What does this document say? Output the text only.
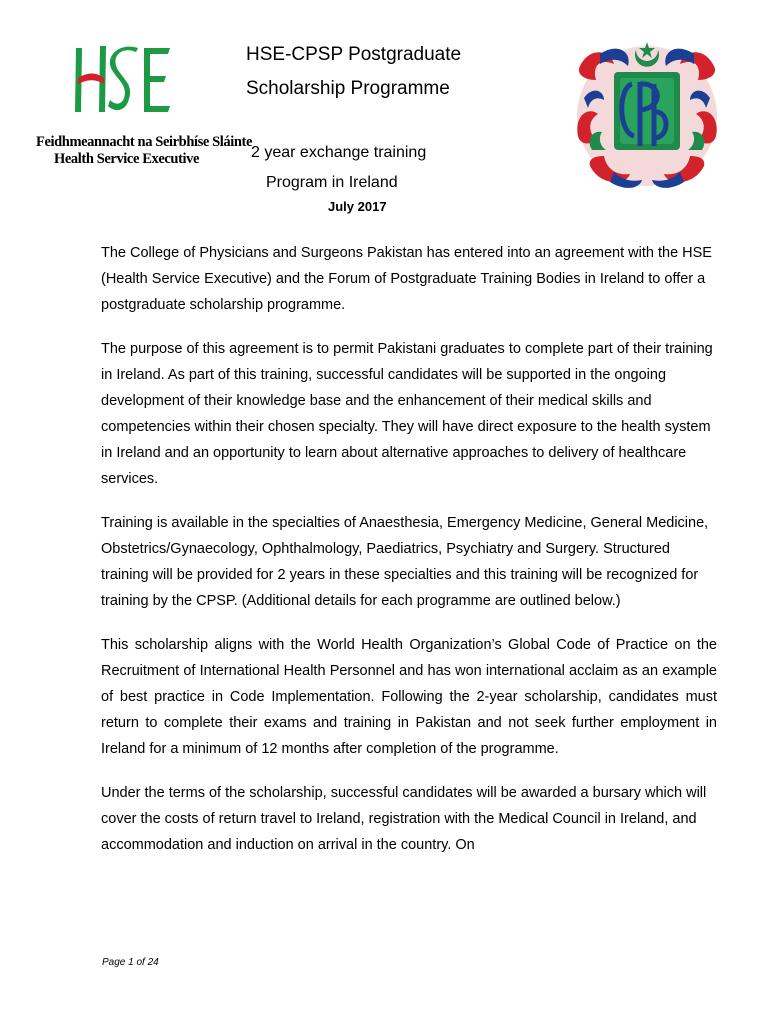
Feidhmeannacht na Seirbhíse Sláinte
Health Service Executive
HSE-CPSP Postgraduate
Scholarship Programme
2 year exchange training
Program in Ireland
July 2017

The College of Physicians and Surgeons Pakistan has entered into an agreement with the HSE (Health Service Executive) and the Forum of Postgraduate Training Bodies in Ireland to offer a postgraduate scholarship programme.

The purpose of this agreement is to permit Pakistani graduates to complete part of their training in Ireland. As part of this training, successful candidates will be supported in the ongoing development of their knowledge base and the enhancement of their medical skills and competencies within their chosen specialty. They will have direct exposure to the health system in Ireland and an opportunity to learn about alternative approaches to delivery of healthcare services.

Training is available in the specialties of Anaesthesia, Emergency Medicine, General Medicine, Obstetrics/Gynaecology, Ophthalmology, Paediatrics, Psychiatry and Surgery. Structured training will be provided for 2 years in these specialties and this training will be recognized for training by the CPSP. (Additional details for each programme are outlined below.)

This scholarship aligns with the World Health Organization’s Global Code of Practice on the Recruitment of International Health Personnel and has won international acclaim as an example of best practice in Code Implementation. Following the 2-year scholarship, candidates must return to complete their exams and training in Pakistan and not seek further employment in Ireland for a minimum of 12 months after completion of the programme.

Under the terms of the scholarship, successful candidates will be awarded a bursary which will cover the costs of return travel to Ireland, registration with the Medical Council in Ireland, and accommodation and induction on arrival in the country. On

Page 1 of 24
